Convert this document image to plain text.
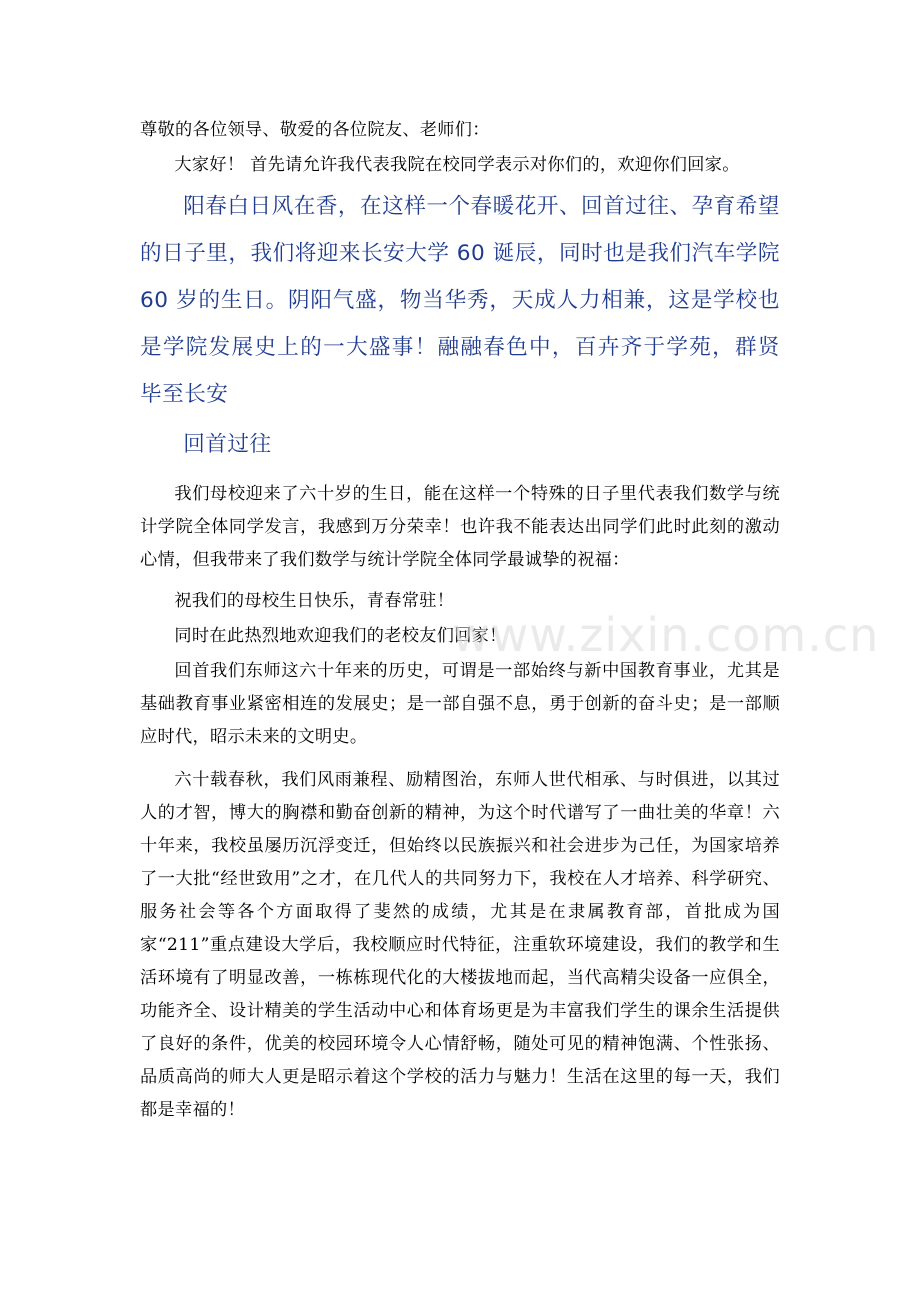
尊敬的各位领导、敬爱的各位院友、老师们：

大家好！ 首先请允许我代表我院在校同学表示对你们的，欢迎你们回家。

阳春白日风在香，在这样一个春暖花开、回首过往、孕育希望的日子里，我们将迎来长安大学 60 诞辰，同时也是我们汽车学院 60 岁的生日。阴阳气盛，物当华秀，天成人力相兼，这是学校也是学院发展史上的一大盛事！融融春色中，百卉齐于学苑，群贤毕至长安

回首过往

我们母校迎来了六十岁的生日，能在这样一个特殊的日子里代表我们数学与统计学院全体同学发言，我感到万分荣幸！也许我不能表达出同学们此时此刻的激动心情，但我带来了我们数学与统计学院全体同学最诚挚的祝福：

祝我们的母校生日快乐，青春常驻！

同时在此热烈地欢迎我们的老校友们回家！

回首我们东师这六十年来的历史，可谓是一部始终与新中国教育事业，尤其是基础教育事业紧密相连的发展史；是一部自强不息，勇于创新的奋斗史；是一部顺应时代，昭示未来的文明史。

六十载春秋，我们风雨兼程、励精图治，东师人世代相承、与时俱进，以其过人的才智，博大的胸襟和勤奋创新的精神，为这个时代谱写了一曲壮美的华章！六十年来，我校虽屡历沉浮变迁，但始终以民族振兴和社会进步为己任，为国家培养了一大批“经世致用”之才，在几代人的共同努力下，我校在人才培养、科学研究、服务社会等各个方面取得了斐然的成绩，尤其是在隶属教育部，首批成为国家“211”重点建设大学后，我校顺应时代特征，注重软环境建设，我们的教学和生活环境有了明显改善，一栋栋现代化的大楼拔地而起，当代高精尖设备一应俱全，功能齐全、设计精美的学生活动中心和体育场更是为丰富我们学生的课余生活提供了良好的条件，优美的校园环境令人心情舒畅，随处可见的精神饱满、个性张扬、品质高尚的师大人更是昭示着这个学校的活力与魅力！生活在这里的每一天，我们都是幸福的！

www.zixin.com.cn
